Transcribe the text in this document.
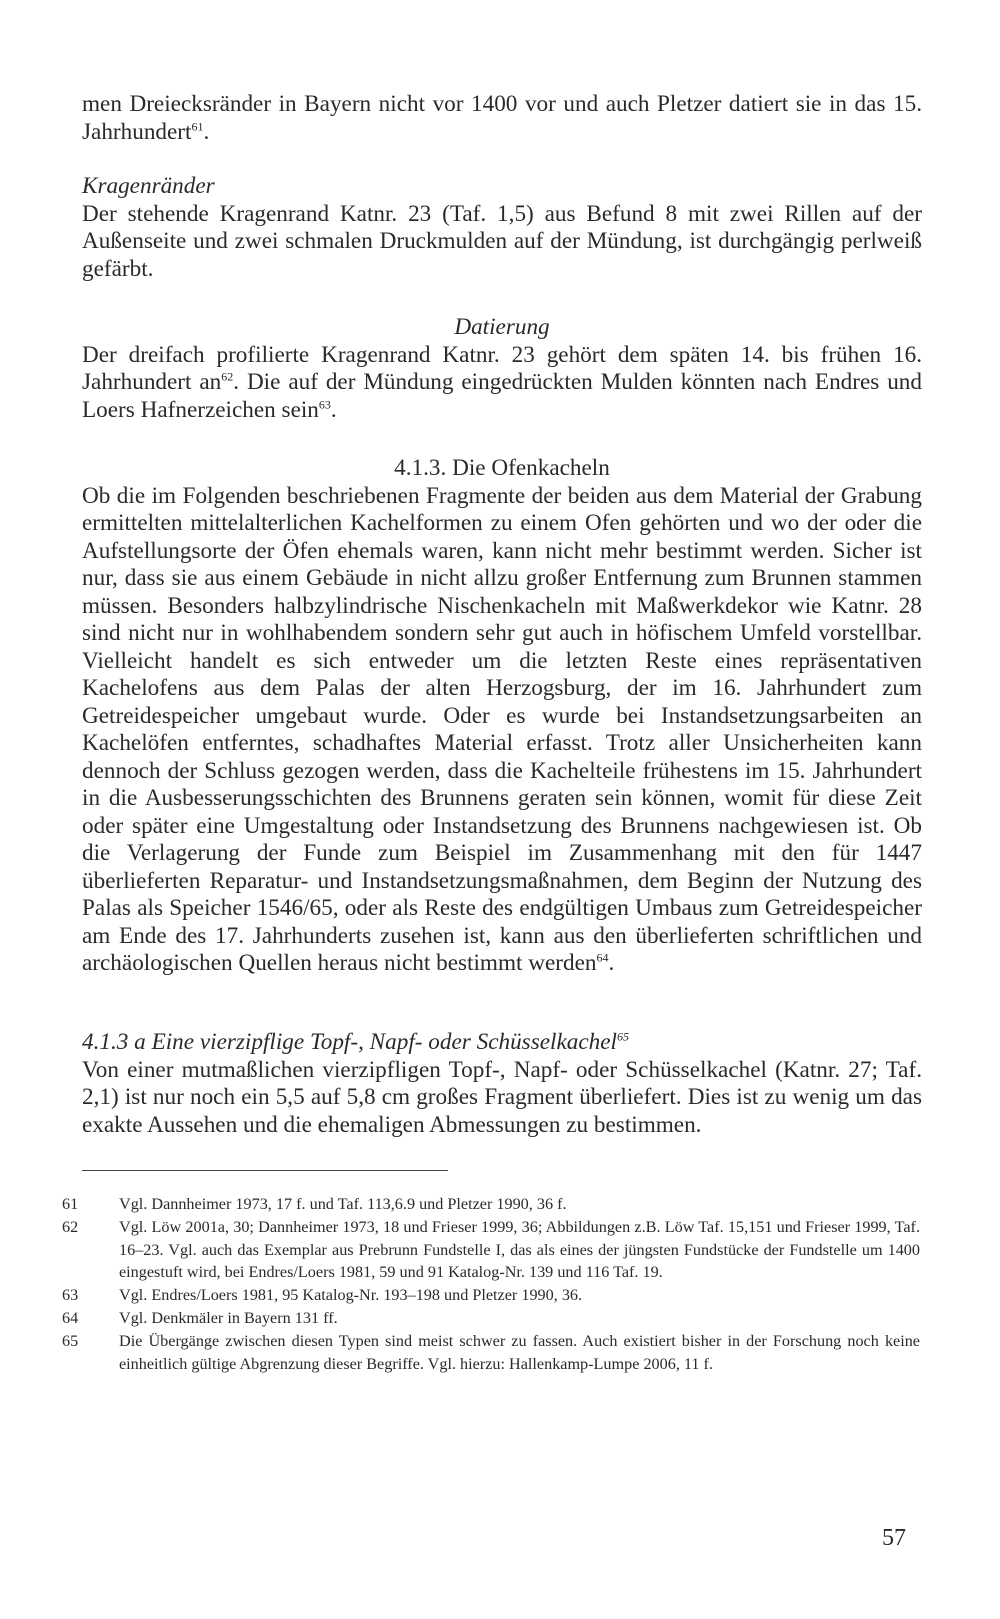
men Dreiecksränder in Bayern nicht vor 1400 vor und auch Pletzer datiert sie in das 15. Jahrhundert$^{61}$.

Kragenränder

Der stehende Kragenrand Katnr. 23 (Taf. 1,5) aus Befund 8 mit zwei Rillen auf der Außenseite und zwei schmalen Druckmulden auf der Mündung, ist durchgängig perlweiß gefärbt.

Datierung

Der dreifach profilierte Kragenrand Katnr. 23 gehört dem späten 14. bis frühen 16. Jahrhundert $an^{62}$. Die auf der Mündung eingedrückten Mulden könnten nach Endres und Loers Hafnerzeichen sein$^{63}$.

4.1.3. Die Ofenkacheln

Ob die im Folgenden beschriebenen Fragmente der beiden aus dem Material der Grabung ermittelten mittelalterlichen Kachelformen zu einem Ofen gehörten und wo der oder die Aufstellungsorte der Öfen ehemals waren, kann nicht mehr bestimmt werden. Sicher ist nur, dass sie aus einem Gebäude in nicht allzu großer Entfernung zum Brunnen stammen müssen. Besonders halbzylindrische Nischenkacheln mit Maßwerkdekor wie Katnr. 28 sind nicht nur in wohlhabendem sondern sehr gut auch in höfischem Umfeld vorstellbar. Vielleicht handelt es sich entweder um die letzten Reste eines repräsentativen Kachelofens aus dem Palas der alten Herzogsburg, der im 16. Jahrhundert zum Getreidespeicher umgebaut wurde. Oder es wurde bei Instandsetzungsarbeiten an Kachelöfen entferntes, schadhaftes Material erfasst. Trotz aller Unsicherheiten kann dennoch der Schluss gezogen werden, dass die Kachelteile frühestens im 15. Jahrhundert in die Ausbesserungsschichten des Brunnens geraten sein können, womit für diese Zeit oder später eine Umgestaltung oder Instandsetzung des Brunnens nachgewiesen ist. Ob die Verlagerung der Funde zum Beispiel im Zusammenhang mit den für 1447 überlieferten Reparatur- und Instandsetzungsmaßnahmen, dem Beginn der Nutzung des Palas als Speicher 1546/65, oder als Reste des endgültigen Umbaus zum Getreidespeicher am Ende des 17. Jahrhunderts zusehen ist, kann aus den überlieferten schriftlichen und archäologischen Quellen heraus nicht bestimmt werden$^{64}$.

4.1.3 a Eine vierzipflige Topf-, Napf- oder Schüsselkachel$^{65}$

Von einer mutmaßlichen vierzipfligen Topf-, Napf- oder Schüsselkachel (Katnr. 27; Taf. 2,1) ist nur noch ein 5,5 auf 5,8 cm großes Fragment überliefert. Dies ist zu wenig um das exakte Aussehen und die ehemaligen Abmessungen zu bestimmen.

61	Vgl. Dannheimer 1973, 17 f. und Taf. 113,6.9 und Pletzer 1990, 36 f.
62	Vgl. Löw 2001a, 30; Dannheimer 1973, 18 und Frieser 1999, 36; Abbildungen z.B. Löw Taf. 15,151 und Frieser 1999, Taf. 16–23. Vgl. auch das Exemplar aus Prebrunn Fundstelle I, das als eines der jüngsten Fundstücke der Fundstelle um 1400 eingestuft wird, bei Endres/Loers 1981, 59 und 91 Katalog-Nr. 139 und 116 Taf. 19.
63	Vgl. Endres/Loers 1981, 95 Katalog-Nr. 193–198 und Pletzer 1990, 36.
64	Vgl. Denkmäler in Bayern 131 ff.
65	Die Übergänge zwischen diesen Typen sind meist schwer zu fassen. Auch existiert bisher in der Forschung noch keine einheitlich gültige Abgrenzung dieser Begriffe. Vgl. hierzu: Hallenkamp-Lumpe 2006, 11 f.
57
